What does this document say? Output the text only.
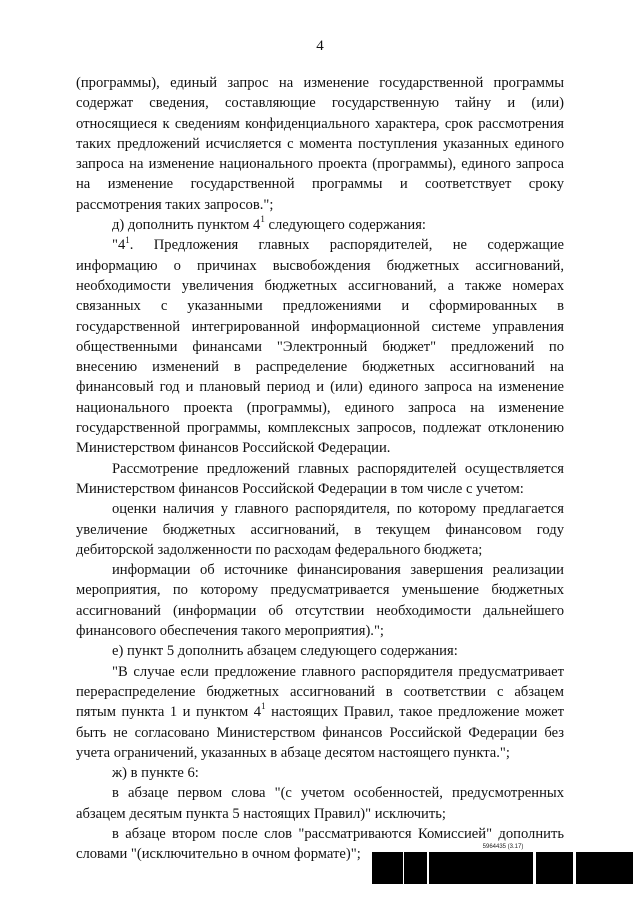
4

(программы), единый запрос на изменение государственной программы содержат сведения, составляющие государственную тайну и (или) относящиеся к сведениям конфиденциального характера, срок рассмотрения таких предложений исчисляется с момента поступления указанных единого запроса на изменение национального проекта (программы), единого запроса на изменение государственной программы и соответствует сроку рассмотрения таких запросов.";

д) дополнить пунктом $4^1$ следующего содержания:

"$4^1$. Предложения главных распорядителей, не содержащие информацию о причинах высвобождения бюджетных ассигнований, необходимости увеличения бюджетных ассигнований, а также номерах связанных с указанными предложениями и сформированных в государственной интегрированной информационной системе управления общественными финансами "Электронный бюджет" предложений по внесению изменений в распределение бюджетных ассигнований на финансовый год и плановый период и (или) единого запроса на изменение национального проекта (программы), единого запроса на изменение государственной программы, комплексных запросов, подлежат отклонению Министерством финансов Российской Федерации.

Рассмотрение предложений главных распорядителей осуществляется Министерством финансов Российской Федерации в том числе с учетом:

оценки наличия у главного распорядителя, по которому предлагается увеличение бюджетных ассигнований, в текущем финансовом году дебиторской задолженности по расходам федерального бюджета;

информации об источнике финансирования завершения реализации мероприятия, по которому предусматривается уменьшение бюджетных ассигнований (информации об отсутствии необходимости дальнейшего финансового обеспечения такого мероприятия).";

е) пункт 5 дополнить абзацем следующего содержания:

"В случае если предложение главного распорядителя предусматривает перераспределение бюджетных ассигнований в соответствии с абзацем пятым пункта 1 и пунктом $4^1$ настоящих Правил, такое предложение может быть не согласовано Министерством финансов Российской Федерации без учета ограничений, указанных в абзаце десятом настоящего пункта.";

ж) в пункте 6:

в абзаце первом слова "(с учетом особенностей, предусмотренных абзацем десятым пункта 5 настоящих Правил)" исключить;

в абзаце втором после слов "рассматриваются Комиссией" дополнить словами "(исключительно в очном формате)";	5964435 (3.17)
